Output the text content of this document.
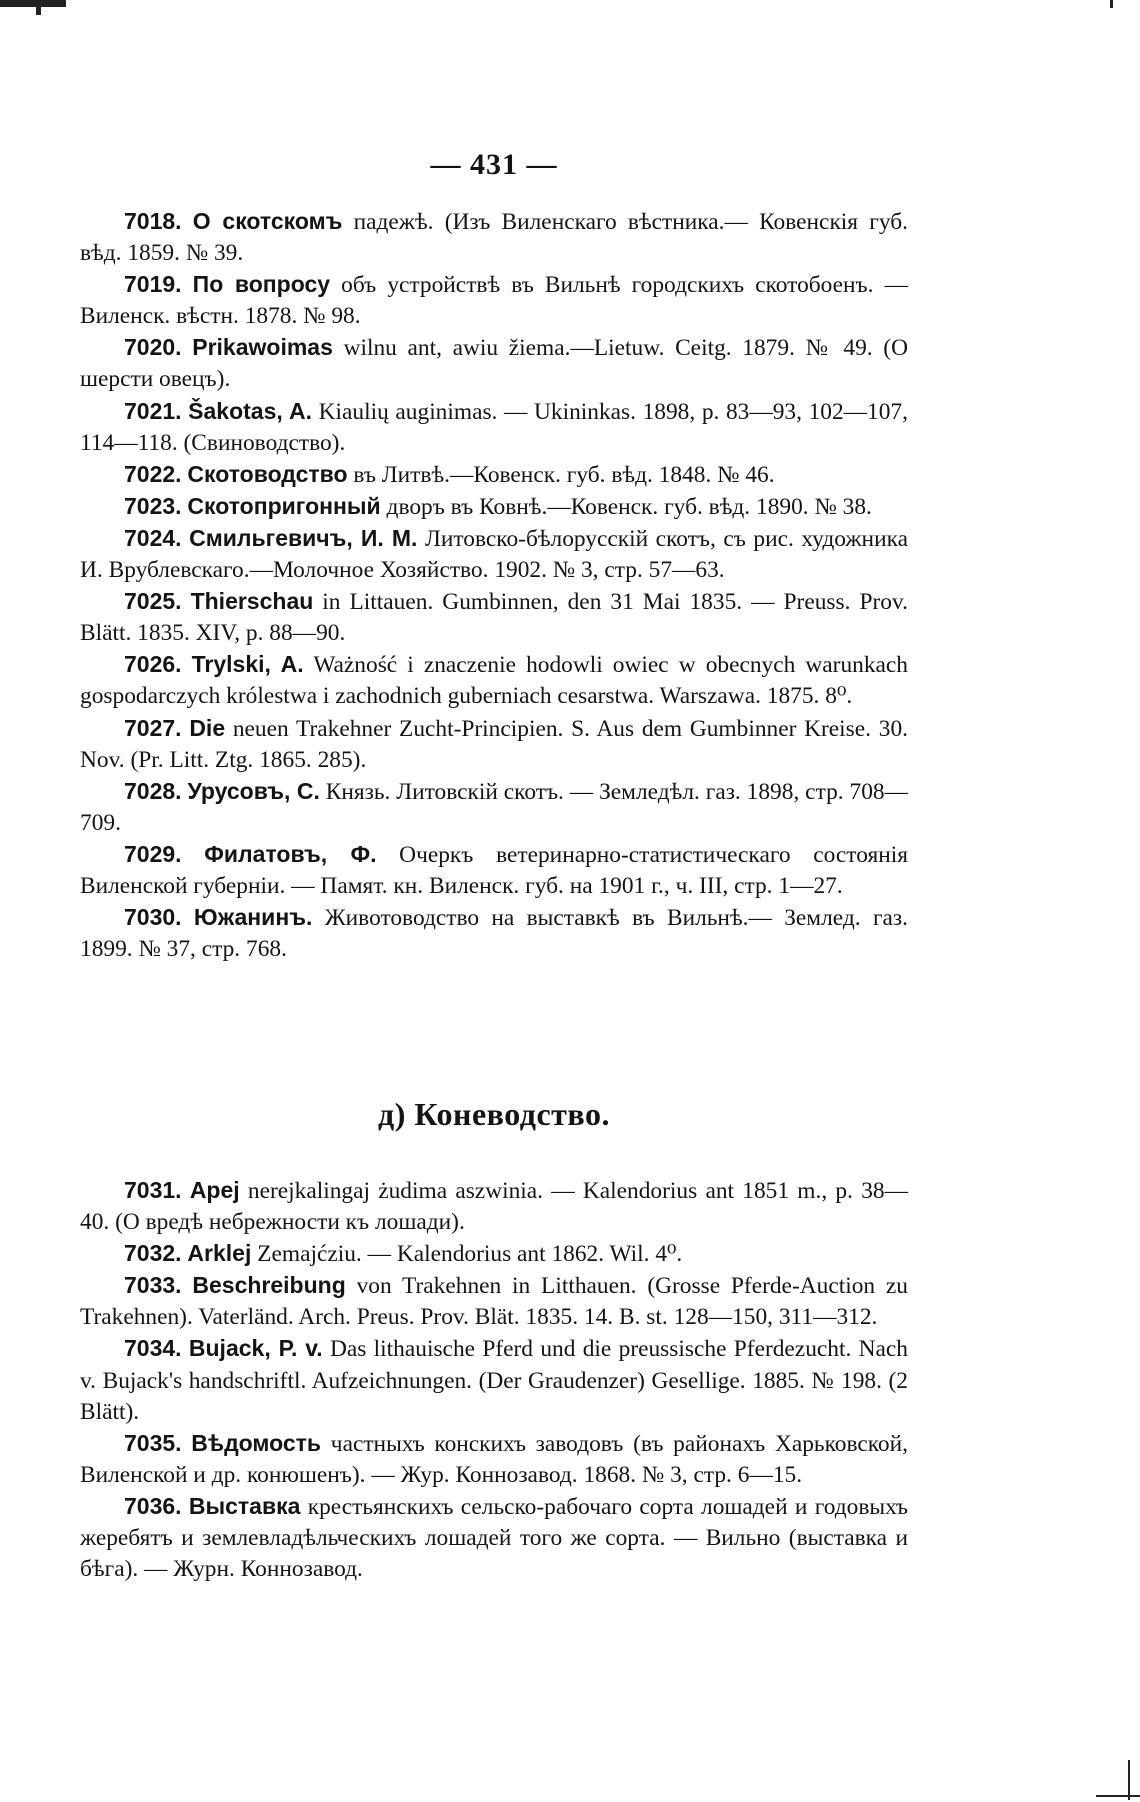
— 431 —

7018. О скотскомъ падежѣ. (Изъ Виленскаго вѣстника.— Ковенскія губ. вѣд. 1859. № 39.

7019. По вопросу объ устройствѣ въ Вильнѣ городскихъ скотобоенъ. — Виленск. вѣстн. 1878. № 98.

7020. Prikawoimas wilnu ant, awiu žiema.—Lietuw. Ceitg. 1879. № 49. (О шерсти овецъ).

7021. Šakotas, A. Kiaulių auginimas. — Ukininkas. 1898, p. 83—93, 102—107, 114—118. (Свиноводство).

7022. Скотоводство въ Литвѣ.—Ковенск. губ. вѣд. 1848. № 46.

7023. Скотопригонный дворъ въ Ковнѣ.—Ковенск. губ. вѣд. 1890. № 38.

7024. Смильгевичъ, И. М. Литовско-бѣлорусскій скотъ, съ рис. художника И. Врублевскаго.—Молочное Хозяйство. 1902. № 3, стр. 57—63.

7025. Thierschau in Littauen. Gumbinnen, den 31 Mai 1835. — Preuss. Prov. Blätt. 1835. XIV, p. 88—90.

7026. Trylski, A. Ważność i znaczenie hodowli owiec w obecnych warunkach gospodarczych królestwa i zachodnich guberniach cesarstwa. Warszawa. 1875. 8⁰.

7027. Die neuen Trakehner Zucht-Principien. S. Aus dem Gumbinner Kreise. 30. Nov. (Pr. Litt. Ztg. 1865. 285).

7028. Урусовъ, С. Князь. Литовскій скотъ. — Земледѣл. газ. 1898, стр. 708—709.

7029. Филатовъ, Ф. Очеркъ ветеринарно-статистическаго состоянія Виленской губерніи. — Памят. кн. Виленск. губ. на 1901 г., ч. III, стр. 1—27.

7030. Южанинъ. Животоводство на выставкѣ въ Вильнѣ.— Землед. газ. 1899. № 37, стр. 768.

д) Коневодство.

7031. Apej nerejkalingaj żudima aszwinia. — Kalendorius ant 1851 m., p. 38—40. (О вредѣ небрежности къ лошади).

7032. Arklej Zemajćziu. — Kalendorius ant 1862. Wil. 4⁰.

7033. Beschreibung von Trakehnen in Litthauen. (Grosse Pferde-Auction zu Trakehnen). Vaterländ. Arch. Preus. Prov. Blät. 1835. 14. B. st. 128—150, 311—312.

7034. Bujack, P. v. Das lithauische Pferd und die preussische Pferdezucht. Nach v. Bujack's handschriftl. Aufzeichnungen. (Der Graudenzer) Gesellige. 1885. № 198. (2 Blätt).

7035. Вѣдомость частныхъ конскихъ заводовъ (въ районахъ Харьковской, Виленской и др. конюшенъ). — Жур. Коннозавод. 1868. № 3, стр. 6—15.

7036. Выставка крестьянскихъ сельско-рабочаго сорта лошадей и годовыхъ жеребятъ и землевладѣльческихъ лошадей того же сорта. — Вильно (выставка и бѣга). — Журн. Коннозавод.
